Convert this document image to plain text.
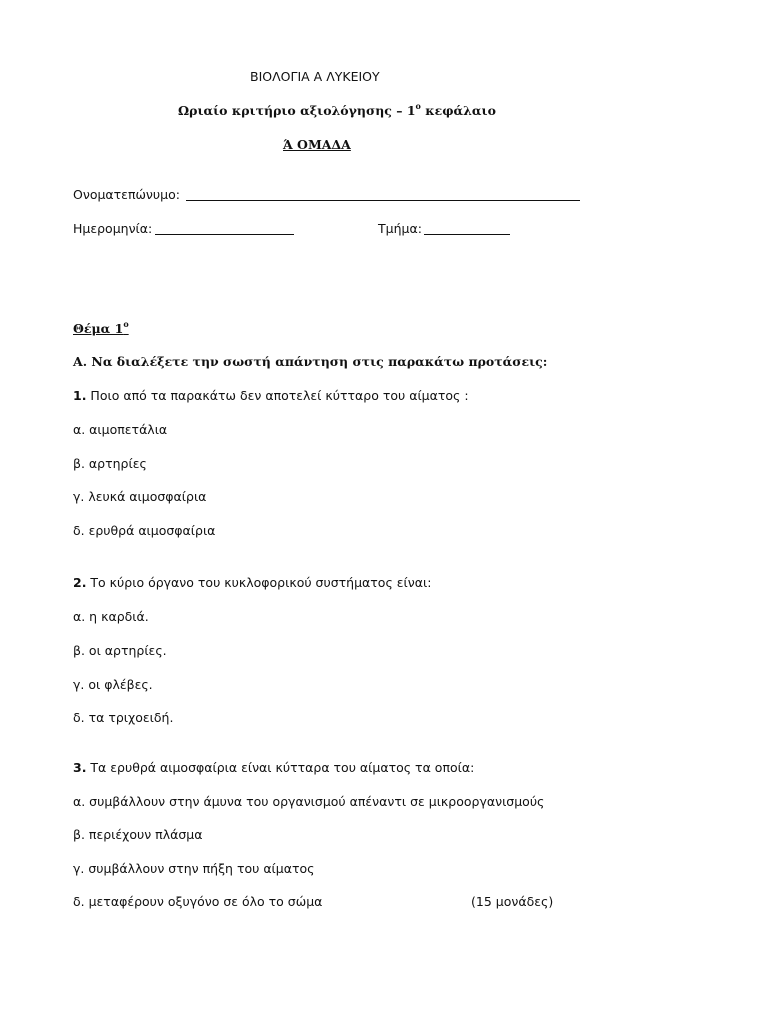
ΒΙΟΛΟΓΙΑ Α ΛΥΚΕΙΟΥ
Ωριαίο κριτήριο αξιολόγησης – $1^o$ κεφάλαιο
Ά ΟΜΑΔΑ
Ονοματεπώνυμο:
Ημερομηνία:	Τμήμα:
Θέμα $1^o$
Α. Να διαλέξετε την σωστή απάντηση στις παρακάτω προτάσεις:
1. Ποιο από τα παρακάτω δεν αποτελεί κύτταρο του αίματος :
α. αιμοπετάλια
β. αρτηρίες
γ. λευκά αιμοσφαίρια
δ. ερυθρά αιμοσφαίρια
2. Το κύριο όργανο του κυκλοφορικού συστήματος είναι:
α. η καρδιά.
β. οι αρτηρίες.
γ. οι φλέβες.
δ. τα τριχοειδή.
3. Τα ερυθρά αιμοσφαίρια είναι κύτταρα του αίματος τα οποία:
α. συμβάλλουν στην άμυνα του οργανισμού απέναντι σε μικροοργανισμούς
β. περιέχουν πλάσμα
γ. συμβάλλουν στην πήξη του αίματος
δ. μεταφέρουν οξυγόνο σε όλο το σώμα	(15 μονάδες)
